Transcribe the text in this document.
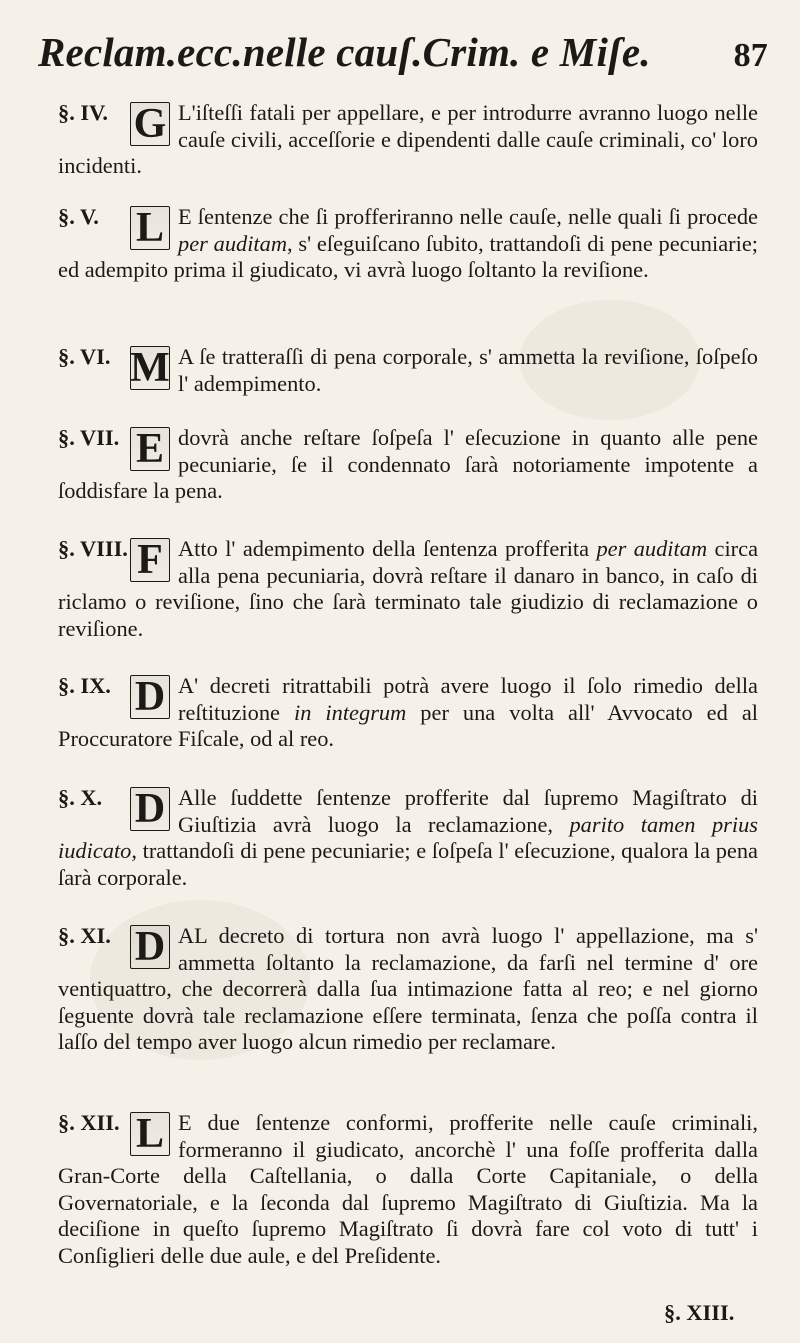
Reclam.ecc.nelle cauſ.Crim. e Miſe. 87

§. IV. G L'iſteſſi fatali per appellare, e per introdurre avranno luogo nelle cauſe civili, acceſſorie e dipendenti dalle cauſe criminali, co' loro incidenti.

§. V. L E ſentenze che ſi profferiranno nelle cauſe, nelle quali ſi procede per auditam, s' eſeguiſcano ſubito, trattandoſi di pene pecuniarie; ed adempito prima il giudicato, vi avrà luogo ſoltanto la reviſione.

§. VI. M A ſe tratteraſſi di pena corporale, s' ammetta la reviſione, ſoſpeſo l' adempimento.

§. VII. E dovrà anche reſtare ſoſpeſa l' eſecuzione in quanto alle pene pecuniarie, ſe il condennato ſarà notoriamente impotente a ſoddisfare la pena.

§. VIII. F Atto l' adempimento della ſentenza profferita per auditam circa alla pena pecuniaria, dovrà reſtare il danaro in banco, in caſo di riclamo o reviſione, ſino che ſarà terminato tale giudizio di reclamazione o reviſione.

§. IX. D A' decreti ritrattabili potrà avere luogo il ſolo rimedio della reſtituzione in integrum per una volta all' Avvocato ed al Proccuratore Fiſcale, od al reo.

§. X. D Alle ſuddette ſentenze profferite dal ſupremo Magiſtrato di Giuſtizia avrà luogo la reclamazione, parito tamen prius iudicato, trattandoſi di pene pecuniarie; e ſoſpeſa l' eſecuzione, qualora la pena ſarà corporale.

§. XI. D AL decreto di tortura non avrà luogo l' appellazione, ma s' ammetta ſoltanto la reclamazione, da farſi nel termine d' ore ventiquattro, che decorrerà dalla ſua intimazione fatta al reo; e nel giorno ſeguente dovrà tale reclamazione eſſere terminata, ſenza che poſſa contra il laſſo del tempo aver luogo alcun rimedio per reclamare.

§. XII. L E due ſentenze conformi, profferite nelle cauſe criminali, formeranno il giudicato, ancorchè l' una foſſe profferita dalla Gran-Corte della Caſtellania, o dalla Corte Capitaniale, o della Governatoriale, e la ſeconda dal ſupremo Magiſtrato di Giuſtizia. Ma la deciſione in queſto ſupremo Magiſtrato ſi dovrà fare col voto di tutt' i Conſiglieri delle due aule, e del Preſidente.

§. XIII.
